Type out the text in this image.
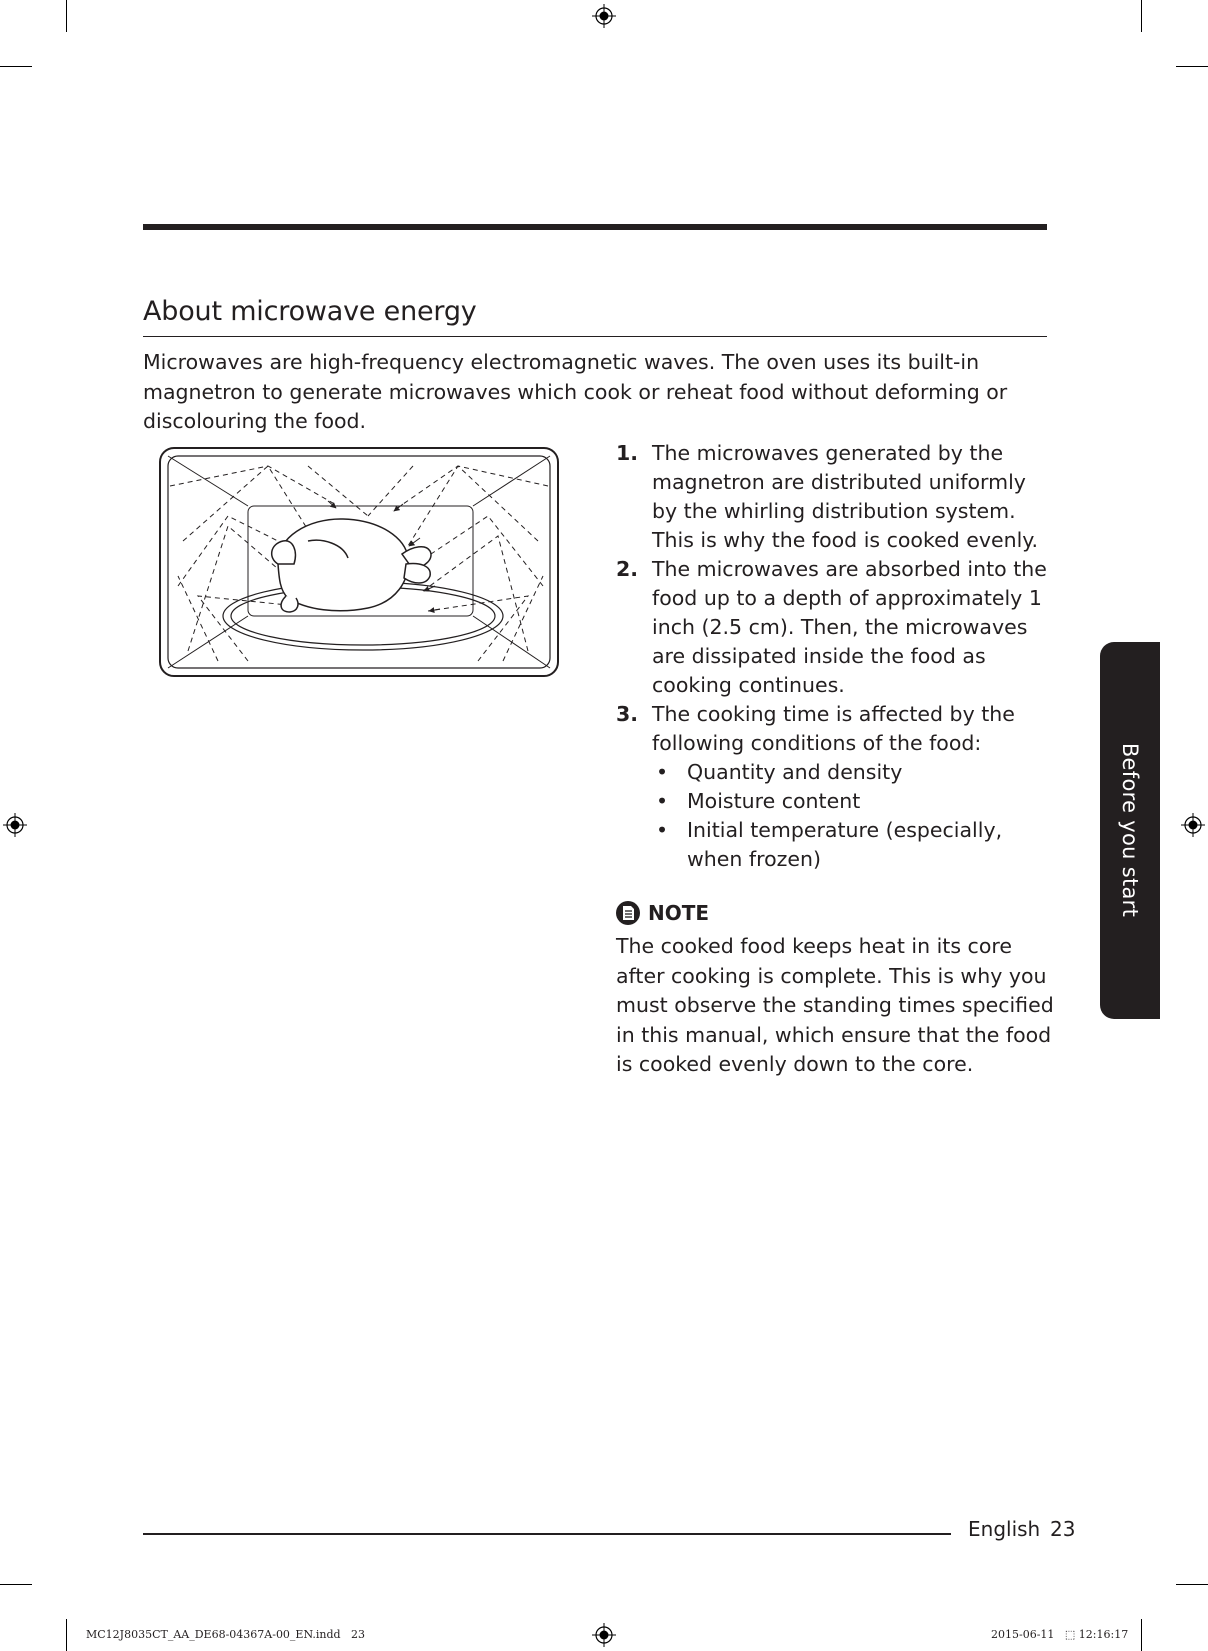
About microwave energy

Microwaves are high-frequency electromagnetic waves. The oven uses its built-in magnetron to generate microwaves which cook or reheat food without deforming or discolouring the food.

1. The microwaves generated by the magnetron are distributed uniformly by the whirling distribution system. This is why the food is cooked evenly.
2. The microwaves are absorbed into the food up to a depth of approximately 1 inch (2.5 cm). Then, the microwaves are dissipated inside the food as cooking continues.
3. The cooking time is affected by the following conditions of the food:
• Quantity and density
• Moisture content
• Initial temperature (especially, when frozen)
NOTE

The cooked food keeps heat in its core after cooking is complete. This is why you must observe the standing times specified in this manual, which ensure that the food is cooked evenly down to the core.

Before you start
English 23
MC12J8035CT_AA_DE68-04367A-00_EN.indd   23	2015-06-11   ⬚ 12:16:17
